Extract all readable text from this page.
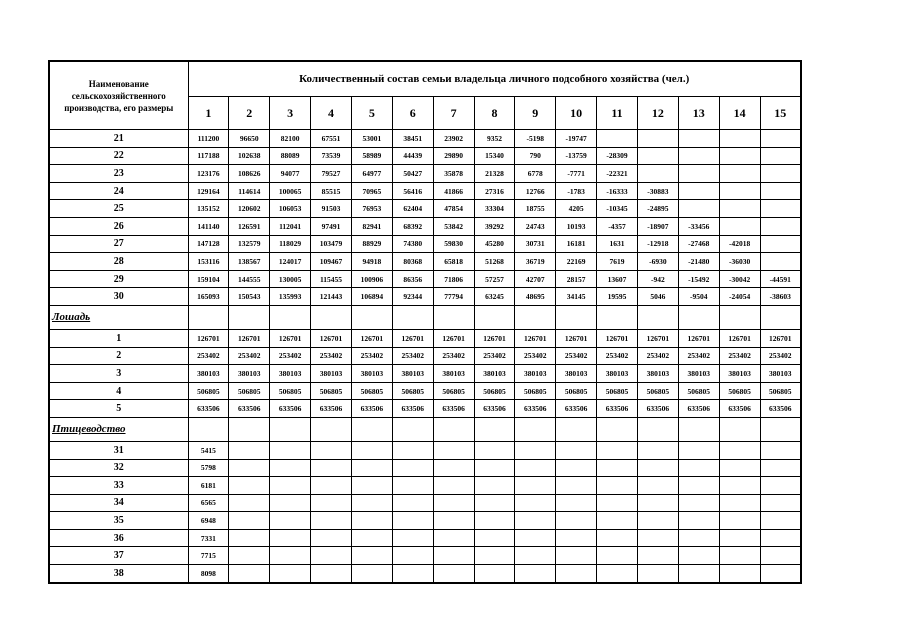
Наименование сельскохозяйственного производства, его размеры	Количественный состав семьи владельца личного подсобного хозяйства (чел.)														
	1	2	3	4	5	6	7	8	9	10	11	12	13	14	15
21	111200	96650	82100	67551	53001	38451	23902	9352	-5198	-19747					
22	117188	102638	88089	73539	58989	44439	29890	15340	790	-13759	-28309				
23	123176	108626	94077	79527	64977	50427	35878	21328	6778	-7771	-22321				
24	129164	114614	100065	85515	70965	56416	41866	27316	12766	-1783	-16333	-30883			
25	135152	120602	106053	91503	76953	62404	47854	33304	18755	4205	-10345	-24895			
26	141140	126591	112041	97491	82941	68392	53842	39292	24743	10193	-4357	-18907	-33456		
27	147128	132579	118029	103479	88929	74380	59830	45280	30731	16181	1631	-12918	-27468	-42018	
28	153116	138567	124017	109467	94918	80368	65818	51268	36719	22169	7619	-6930	-21480	-36030	
29	159104	144555	130005	115455	100906	86356	71806	57257	42707	28157	13607	-942	-15492	-30042	-44591
30	165093	150543	135993	121443	106894	92344	77794	63245	48695	34145	19595	5046	-9504	-24054	-38603
Лошадь															
1	126701	126701	126701	126701	126701	126701	126701	126701	126701	126701	126701	126701	126701	126701	126701
2	253402	253402	253402	253402	253402	253402	253402	253402	253402	253402	253402	253402	253402	253402	253402
3	380103	380103	380103	380103	380103	380103	380103	380103	380103	380103	380103	380103	380103	380103	380103
4	506805	506805	506805	506805	506805	506805	506805	506805	506805	506805	506805	506805	506805	506805	506805
5	633506	633506	633506	633506	633506	633506	633506	633506	633506	633506	633506	633506	633506	633506	633506
Птицеводство															
31	5415														
32	5798														
33	6181														
34	6565														
35	6948														
36	7331														
37	7715														
38	8098														
